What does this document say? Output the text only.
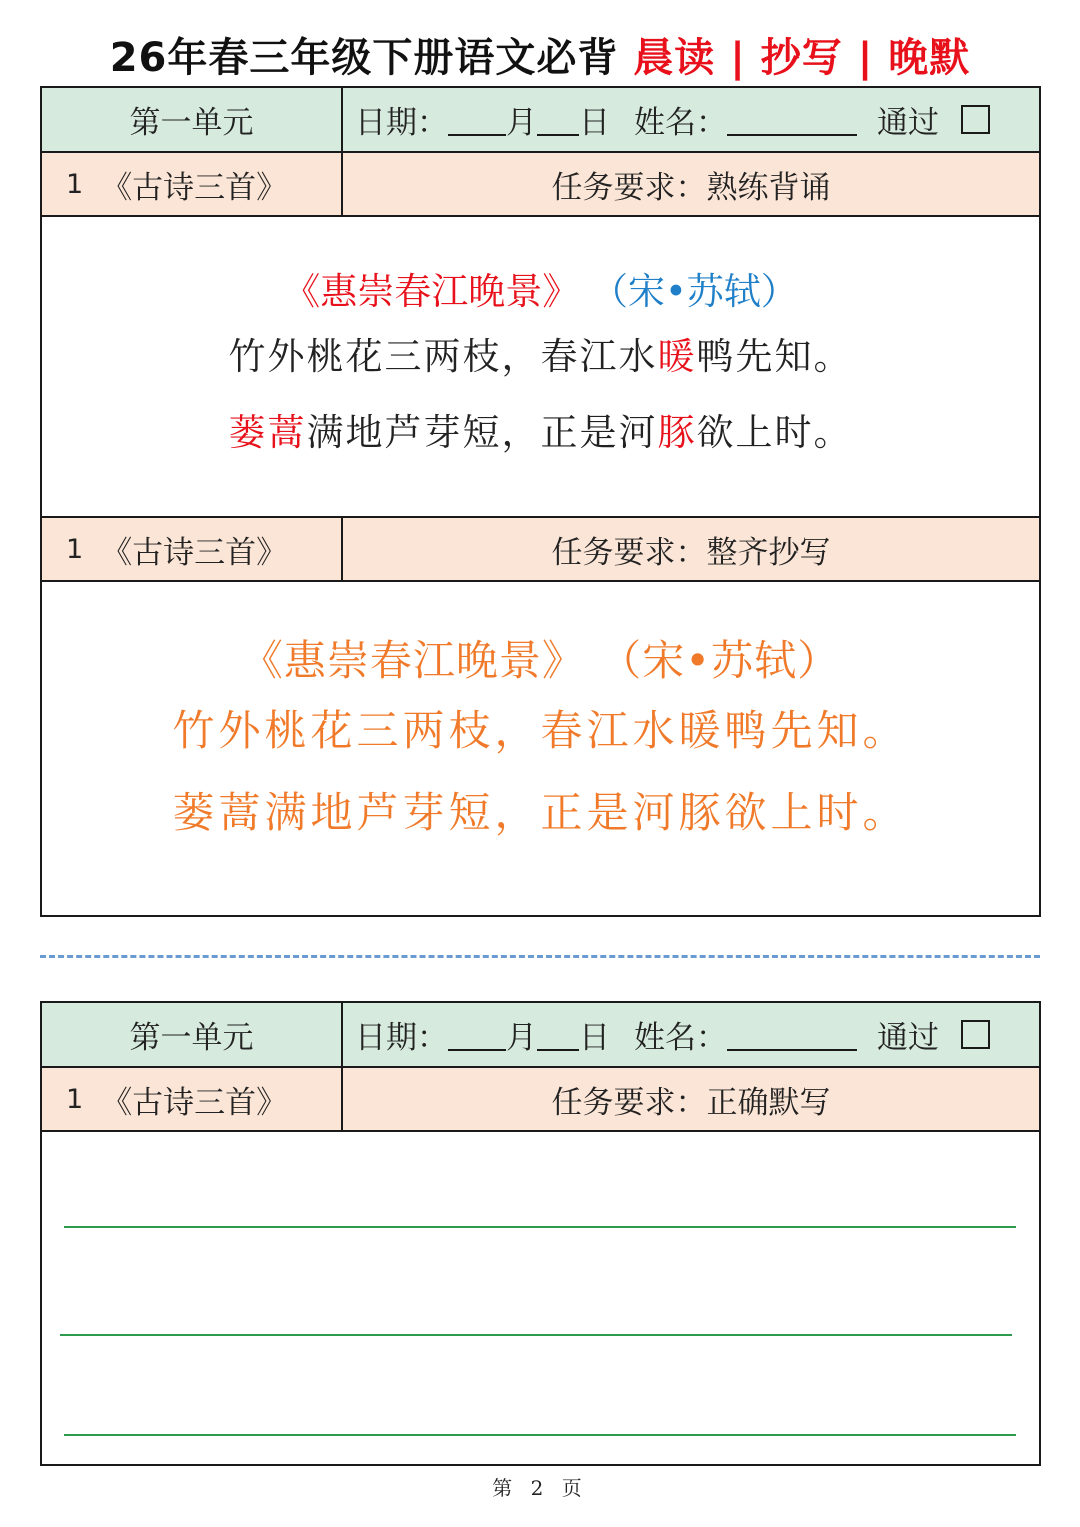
26年春三年级下册语文必背 晨读 | 抄写 | 晚默
第一单元	日期： 月 日 姓名：	通过
1 《古诗三首》	任务要求：熟练背诵
《惠崇春江晚景》 （宋•苏轼）
竹外桃花三两枝，春江水暖鸭先知。
蒌蒿满地芦芽短，正是河豚欲上时。
1 《古诗三首》	任务要求：整齐抄写
《惠崇春江晚景》 （宋•苏轼）
竹外桃花三两枝，春江水暖鸭先知。
蒌蒿满地芦芽短，正是河豚欲上时。
第一单元	日期： 月 日 姓名：	通过
1 《古诗三首》	任务要求：正确默写
第 2 页
